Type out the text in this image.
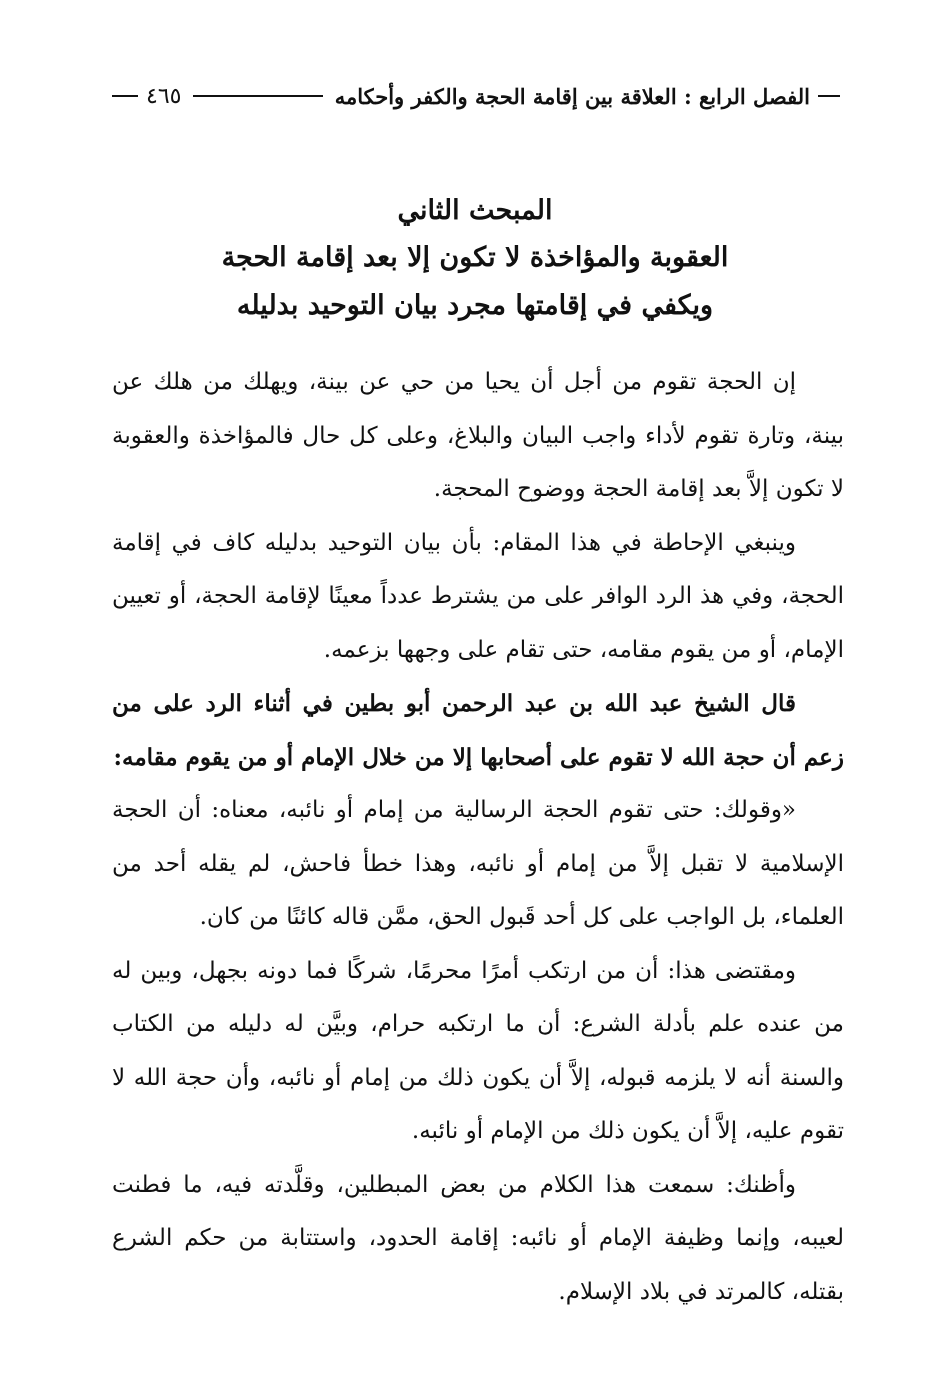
الفصل الرابع : العلاقة بين إقامة الحجة والكفر وأحكامه
٤٦٥
المبحث الثاني
العقوبة والمؤاخذة لا تكون إلا بعد إقامة الحجة
ويكفي في إقامتها مجرد بيان التوحيد بدليله

إن الحجة تقوم من أجل أن يحيا من حي عن بينة، ويهلك من هلك عن بينة، وتارة تقوم لأداء واجب البيان والبلاغ، وعلى كل حال فالمؤاخذة والعقوبة لا تكون إلاَّ بعد إقامة الحجة ووضوح المحجة.

وينبغي الإحاطة في هذا المقام: بأن بيان التوحيد بدليله كاف في إقامة الحجة، وفي هذ الرد الوافر على من يشترط عدداً معينًا لإقامة الحجة، أو تعيين الإمام، أو من يقوم مقامه، حتى تقام على وجهها بزعمه.

قال الشيخ عبد الله بن عبد الرحمن أبو بطين في أثناء الرد على من زعم أن حجة الله لا تقوم على أصحابها إلا من خلال الإمام أو من يقوم مقامه:

«وقولك: حتى تقوم الحجة الرسالية من إمام أو نائبه، معناه: أن الحجة الإسلامية لا تقبل إلاَّ من إمام أو نائبه، وهذا خطأ فاحش، لم يقله أحد من العلماء، بل الواجب على كل أحد قَبول الحق، ممَّن قاله كائنًا من كان.

ومقتضى هذا: أن من ارتكب أمرًا محرمًا، شركًا فما دونه بجهل، وبين له من عنده علم بأدلة الشرع: أن ما ارتكبه حرام، وبيَّن له دليله من الكتاب والسنة أنه لا يلزمه قبوله، إلاَّ أن يكون ذلك من إمام أو نائبه، وأن حجة الله لا تقوم عليه، إلاَّ أن يكون ذلك من الإمام أو نائبه.

وأظنك: سمعت هذا الكلام من بعض المبطلين، وقلَّدته فيه، ما فطنت لعيبه، وإنما وظيفة الإمام أو نائبه: إقامة الحدود، واستتابة من حكم الشرع بقتله، كالمرتد في بلاد الإسلام.
